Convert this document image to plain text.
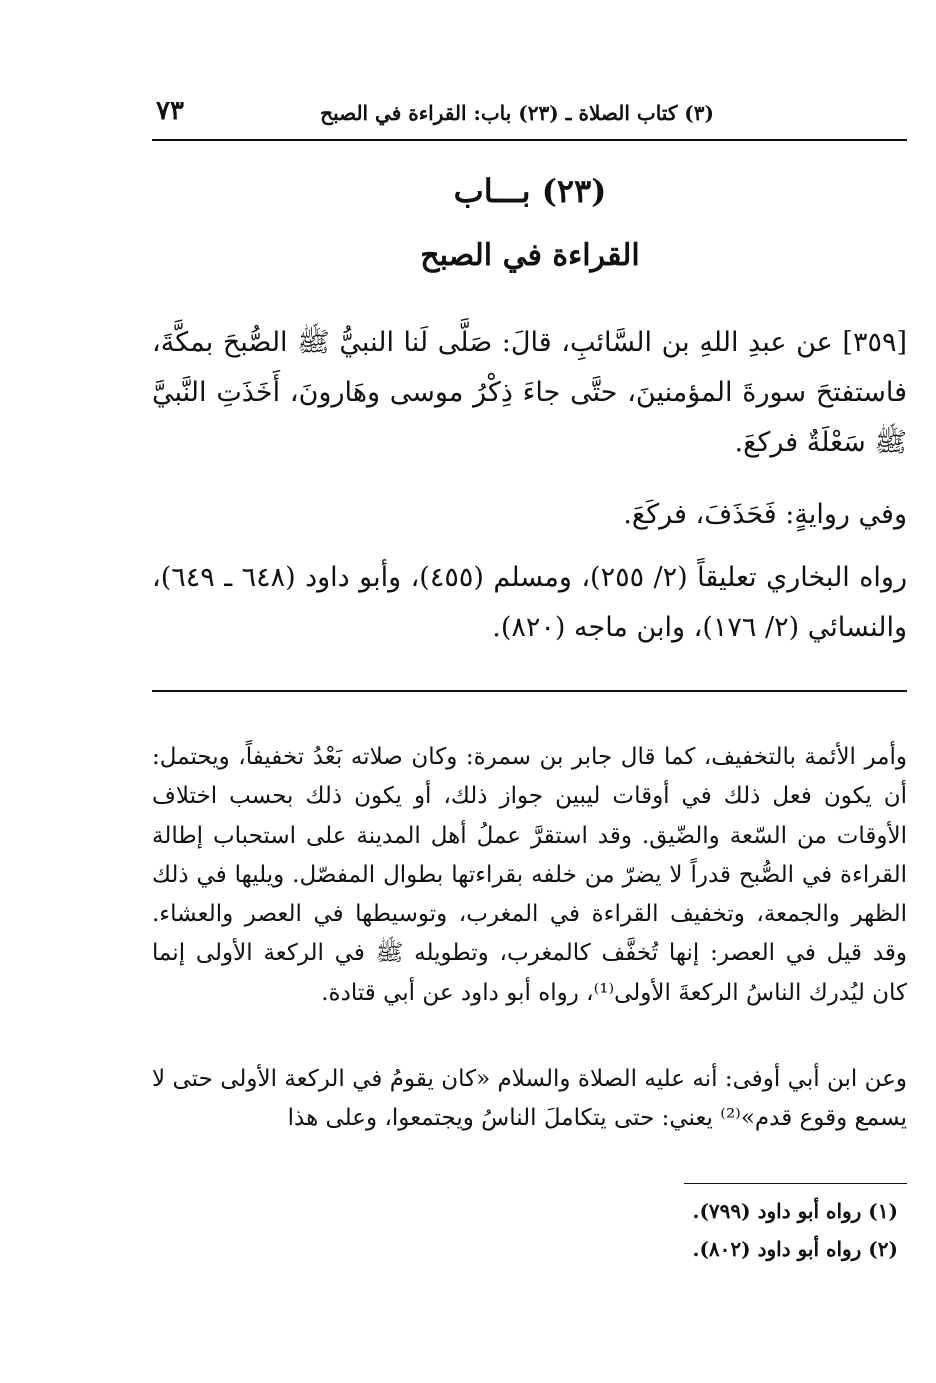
٧٣	(٣) كتاب الصلاة ـ (٢٣) باب: القراءة في الصبح
(٢٣) بـــاب
القراءة في الصبح

[٣٥٩] عن عبدِ اللهِ بن السَّائبِ، قالَ: صَلَّى لَنا النبيُّ ﷺ الصُّبحَ بمكَّةَ، فاستفتحَ سورةَ المؤمنينَ، حتَّى جاءَ ذِكْرُ موسى وهَارونَ، أَخَذَتِ النَّبيَّ ﷺ سَعْلَةٌ فركعَ.

وفي روايةٍ: فَحَذَفَ، فركَعَ.

رواه البخاري تعليقاً (٢/ ٢٥٥)، ومسلم (٤٥٥)، وأبو داود (٦٤٨ ـ ٦٤٩)، والنسائي (٢/ ١٧٦)، وابن ماجه (٨٢٠).

وأمر الأئمة بالتخفيف، كما قال جابر بن سمرة: وكان صلاته بَعْدُ تخفيفاً، ويحتمل: أن يكون فعل ذلك في أوقات ليبين جواز ذلك، أو يكون ذلك بحسب اختلاف الأوقات من السّعة والضّيق. وقد استقرَّ عملُ أهل المدينة على استحباب إطالة القراءة في الصُّبح قدراً لا يضرّ من خلفه بقراءتها بطوال المفصّل. ويليها في ذلك الظهر والجمعة، وتخفيف القراءة في المغرب، وتوسيطها في العصر والعشاء. وقد قيل في العصر: إنها تُخفَّف كالمغرب، وتطويله ﷺ في الركعة الأولى إنما كان ليُدرك الناسُ الركعةَ الأولى⁽¹⁾، رواه أبو داود عن أبي قتادة.

وعن ابن أبي أوفى: أنه عليه الصلاة والسلام «كان يقومُ في الركعة الأولى حتى لا يسمع وقوع قدم»⁽²⁾ يعني: حتى يتكاملَ الناسُ ويجتمعوا، وعلى هذا

(١) رواه أبو داود (٧٩٩).
(٢) رواه أبو داود (٨٠٢).
